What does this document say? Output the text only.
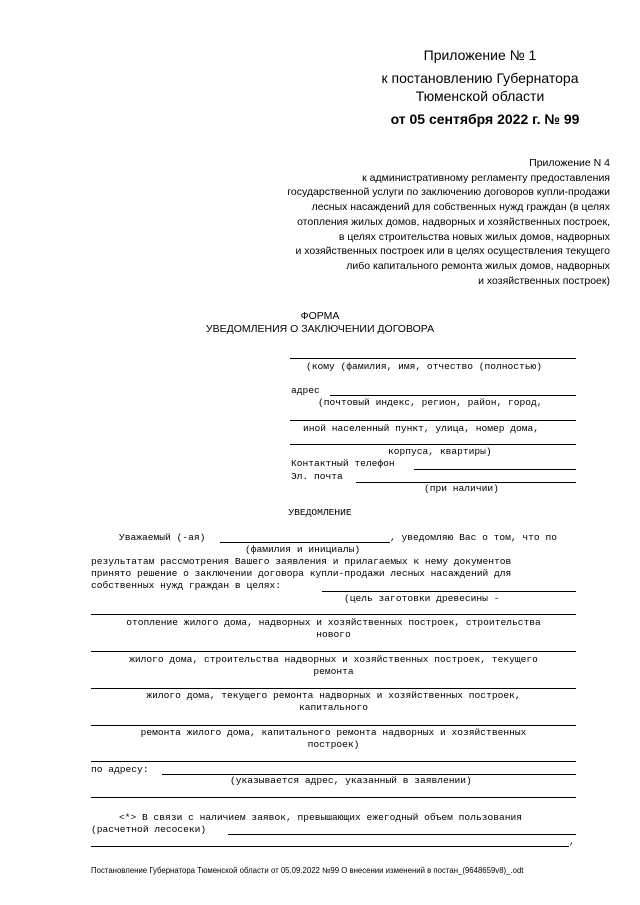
Приложение № 1
к постановлению Губернатора
Тюменской области
от 05 сентября 2022 г. № 99
Приложение N 4
к административному регламенту предоставления
государственной услуги по заключению договоров купли-продажи
лесных насаждений для собственных нужд граждан (в целях
отопления жилых домов, надворных и хозяйственных построек,
в целях строительства новых жилых домов, надворных
и хозяйственных построек или в целях осуществления текущего
либо капитального ремонта жилых домов, надворных
и хозяйственных построек)
ФОРМА
УВЕДОМЛЕНИЯ О ЗАКЛЮЧЕНИИ ДОГОВОРА
(кому (фамилия, имя, отчество (полностью)
адрес
(почтовый индекс, регион, район, город,
иной населенный пункт, улица, номер дома,
корпуса, квартиры)
Контактный телефон
Эл. почта
(при наличии)
УВЕДОМЛЕНИЕ
Уважаемый (-ая)	, уведомляю Вас о том, что по
(фамилия и инициалы)
результатам рассмотрения Вашего заявления и прилагаемых к нему документов
принято решение о заключении договора купли-продажи лесных насаждений для
собственных нужд граждан в целях:
(цель заготовки древесины -
отопление жилого дома, надворных и хозяйственных построек, строительства
нового
жилого дома, строительства надворных и хозяйственных построек, текущего
ремонта
жилого дома, текущего ремонта надворных и хозяйственных построек,
капитального
ремонта жилого дома, капитального ремонта надворных и хозяйственных
построек)
по адресу:
(указывается адрес, указанный в заявлении)
<*> В связи с наличием заявок, превышающих ежегодный объем пользования
(расчетной лесосеки)
,
Постановление Губернатора Тюменской области от 05.09.2022 №99 О внесении изменений в постан_(9648659v8)_.odt
